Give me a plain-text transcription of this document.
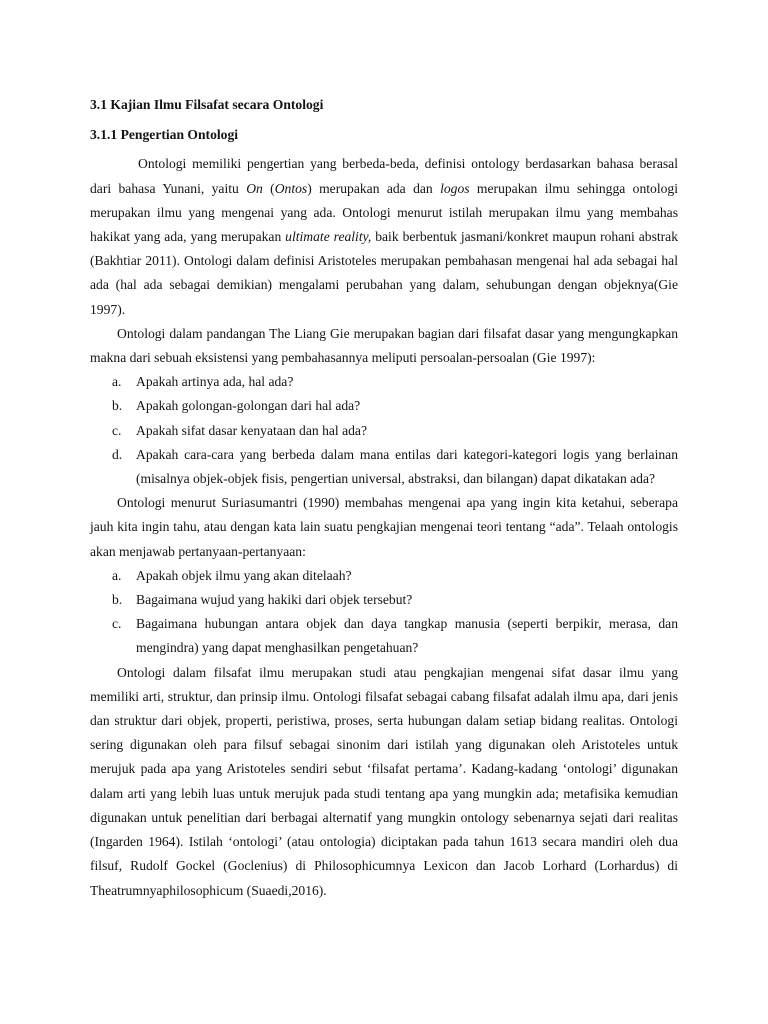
3.1 Kajian Ilmu Filsafat secara Ontologi
3.1.1 Pengertian Ontologi

Ontologi memiliki pengertian yang berbeda-beda, definisi ontology berdasarkan bahasa berasal dari bahasa Yunani, yaitu On (Ontos) merupakan ada dan logos merupakan ilmu sehingga ontologi merupakan ilmu yang mengenai yang ada. Ontologi menurut istilah merupakan ilmu yang membahas hakikat yang ada, yang merupakan ultimate reality, baik berbentuk jasmani/konkret maupun rohani abstrak (Bakhtiar 2011). Ontologi dalam definisi Aristoteles merupakan pembahasan mengenai hal ada sebagai hal ada (hal ada sebagai demikian) mengalami perubahan yang dalam, sehubungan dengan objeknya(Gie 1997).

Ontologi dalam pandangan The Liang Gie merupakan bagian dari filsafat dasar yang mengungkapkan makna dari sebuah eksistensi yang pembahasannya meliputi persoalan-persoalan (Gie 1997):

a. Apakah artinya ada, hal ada?
b. Apakah golongan-golongan dari hal ada?
c. Apakah sifat dasar kenyataan dan hal ada?
d. Apakah cara-cara yang berbeda dalam mana entilas dari kategori-kategori logis yang berlainan (misalnya objek-objek fisis, pengertian universal, abstraksi, dan bilangan) dapat dikatakan ada?

Ontologi menurut Suriasumantri (1990) membahas mengenai apa yang ingin kita ketahui, seberapa jauh kita ingin tahu, atau dengan kata lain suatu pengkajian mengenai teori tentang “ada”. Telaah ontologis akan menjawab pertanyaan-pertanyaan:

a. Apakah objek ilmu yang akan ditelaah?
b. Bagaimana wujud yang hakiki dari objek tersebut?
c. Bagaimana hubungan antara objek dan daya tangkap manusia (seperti berpikir, merasa, dan mengindra) yang dapat menghasilkan pengetahuan?

Ontologi dalam filsafat ilmu merupakan studi atau pengkajian mengenai sifat dasar ilmu yang memiliki arti, struktur, dan prinsip ilmu. Ontologi filsafat sebagai cabang filsafat adalah ilmu apa, dari jenis dan struktur dari objek, properti, peristiwa, proses, serta hubungan dalam setiap bidang realitas. Ontologi sering digunakan oleh para filsuf sebagai sinonim dari istilah yang digunakan oleh Aristoteles untuk merujuk pada apa yang Aristoteles sendiri sebut ‘filsafat pertama’. Kadang-kadang ‘ontologi’ digunakan dalam arti yang lebih luas untuk merujuk pada studi tentang apa yang mungkin ada; metafisika kemudian digunakan untuk penelitian dari berbagai alternatif yang mungkin ontology sebenarnya sejati dari realitas (Ingarden 1964). Istilah ‘ontologi’ (atau ontologia) diciptakan pada tahun 1613 secara mandiri oleh dua filsuf, Rudolf Gockel (Goclenius) di Philosophicumnya Lexicon dan Jacob Lorhard (Lorhardus) di Theatrumnyaphilosophicum (Suaedi,2016).
